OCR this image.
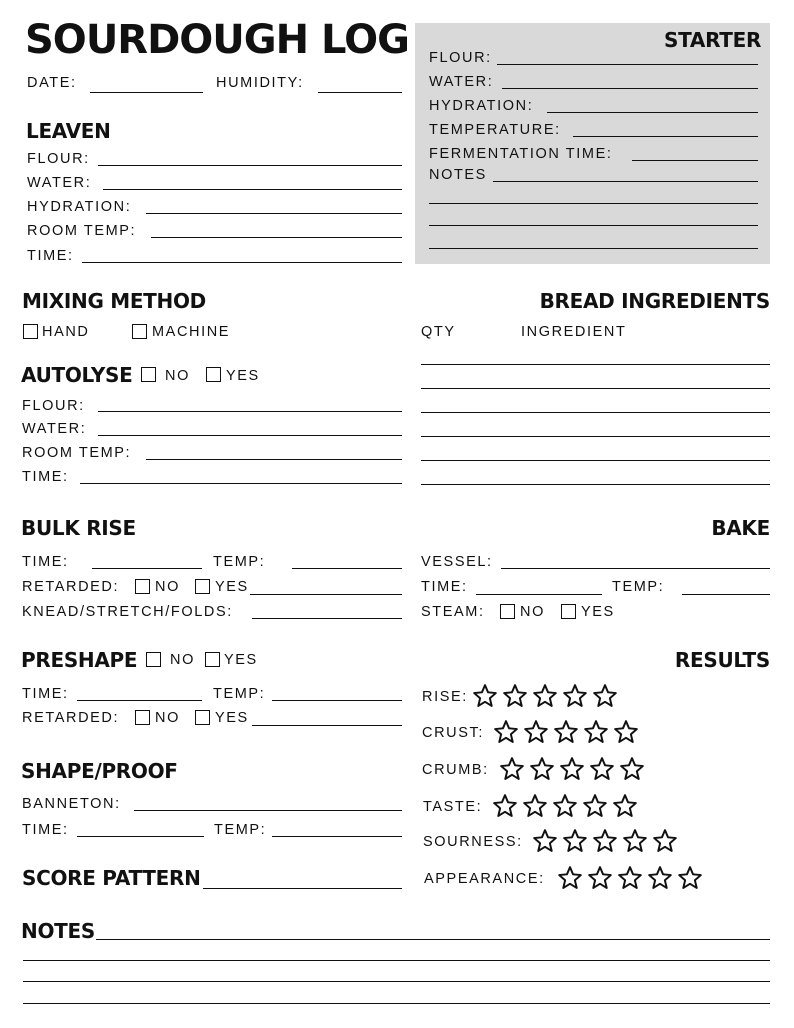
SOURDOUGH LOG
DATE:	HUMIDITY:
LEAVEN
FLOUR:
WATER:
HYDRATION:
ROOM TEMP:
TIME:
STARTER
FLOUR:
WATER:
HYDRATION:
TEMPERATURE:
FERMENTATION TIME:
NOTES
MIXING METHOD
HAND	MACHINE
AUTOLYSE NO YES
FLOUR:
WATER:
ROOM TEMP:
TIME:
BREAD INGREDIENTS
QTY	INGREDIENT
BULK RISE
TIME:	TEMP:
RETARDED: NO YES
KNEAD/STRETCH/FOLDS:
BAKE
VESSEL:
TIME:	TEMP:
STEAM: NO YES
PRESHAPE NO YES
TIME:	TEMP:
RETARDED: NO YES
SHAPE/PROOF
BANNETON:
TIME:	TEMP:
SCORE PATTERN
RESULTS
RISE:
CRUST:
CRUMB:
TASTE:
SOURNESS:
APPEARANCE:
NOTES
